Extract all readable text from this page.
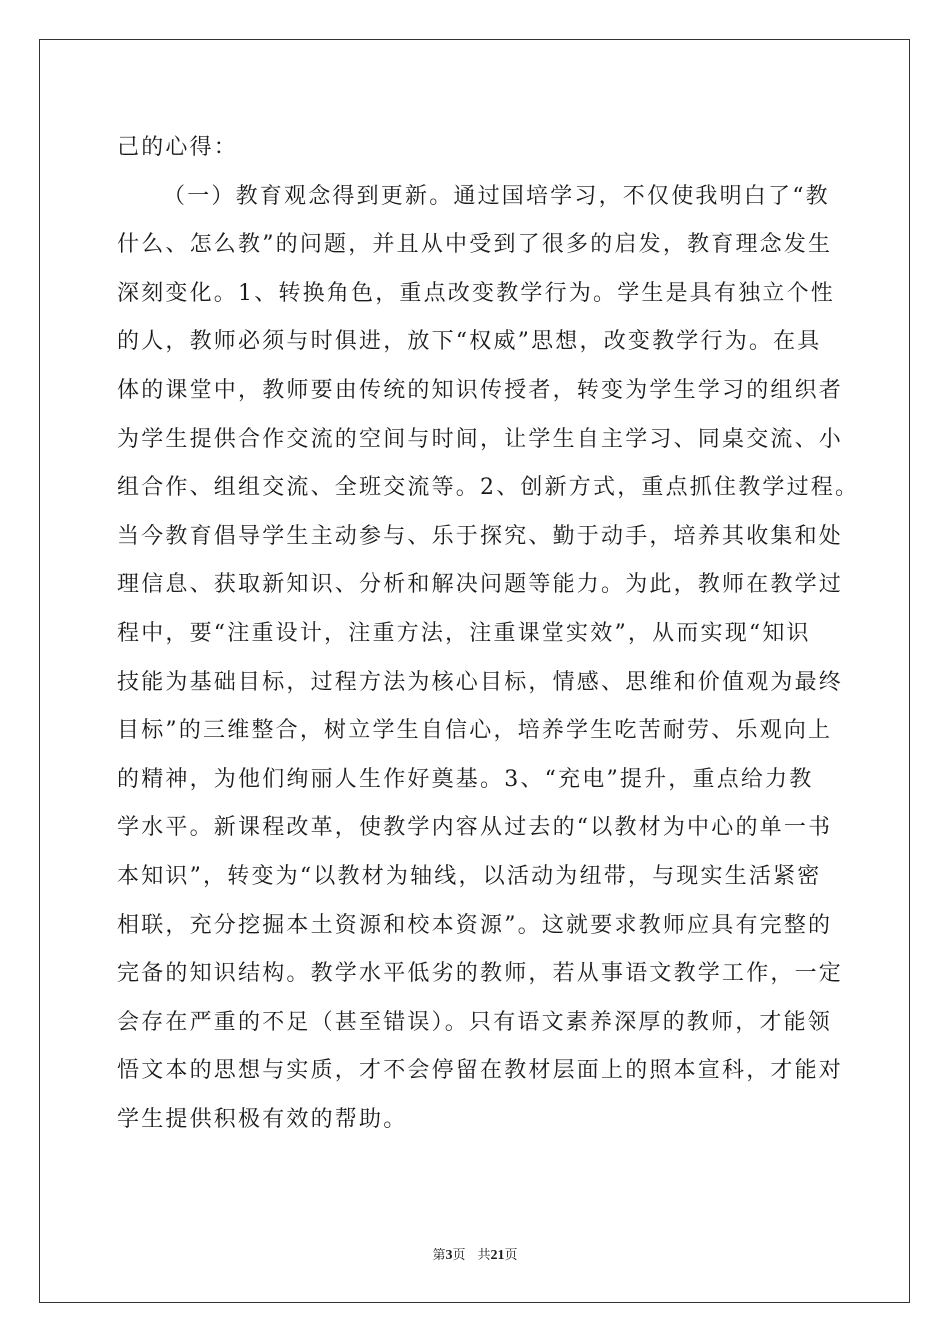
己的心得：
（一）教育观念得到更新。通过国培学习，不仅使我明白了“教
什么、怎么教”的问题，并且从中受到了很多的启发，教育理念发生
深刻变化。1、转换角色，重点改变教学行为。学生是具有独立个性
的人，教师必须与时俱进，放下“权威”思想，改变教学行为。在具
体的课堂中，教师要由传统的知识传授者，转变为学生学习的组织者
为学生提供合作交流的空间与时间，让学生自主学习、同桌交流、小
组合作、组组交流、全班交流等。2、创新方式，重点抓住教学过程。
当今教育倡导学生主动参与、乐于探究、勤于动手，培养其收集和处
理信息、获取新知识、分析和解决问题等能力。为此，教师在教学过
程中，要“注重设计，注重方法，注重课堂实效”，从而实现“知识
技能为基础目标，过程方法为核心目标，情感、思维和价值观为最终
目标”的三维整合，树立学生自信心，培养学生吃苦耐劳、乐观向上
的精神，为他们绚丽人生作好奠基。3、“充电”提升，重点给力教
学水平。新课程改革，使教学内容从过去的“以教材为中心的单一书
本知识”，转变为“以教材为轴线，以活动为纽带，与现实生活紧密
相联，充分挖掘本土资源和校本资源”。这就要求教师应具有完整的
完备的知识结构。教学水平低劣的教师，若从事语文教学工作，一定
会存在严重的不足（甚至错误）。只有语文素养深厚的教师，才能领
悟文本的思想与实质，才不会停留在教材层面上的照本宣科，才能对
学生提供积极有效的帮助。
第3页 共21页
